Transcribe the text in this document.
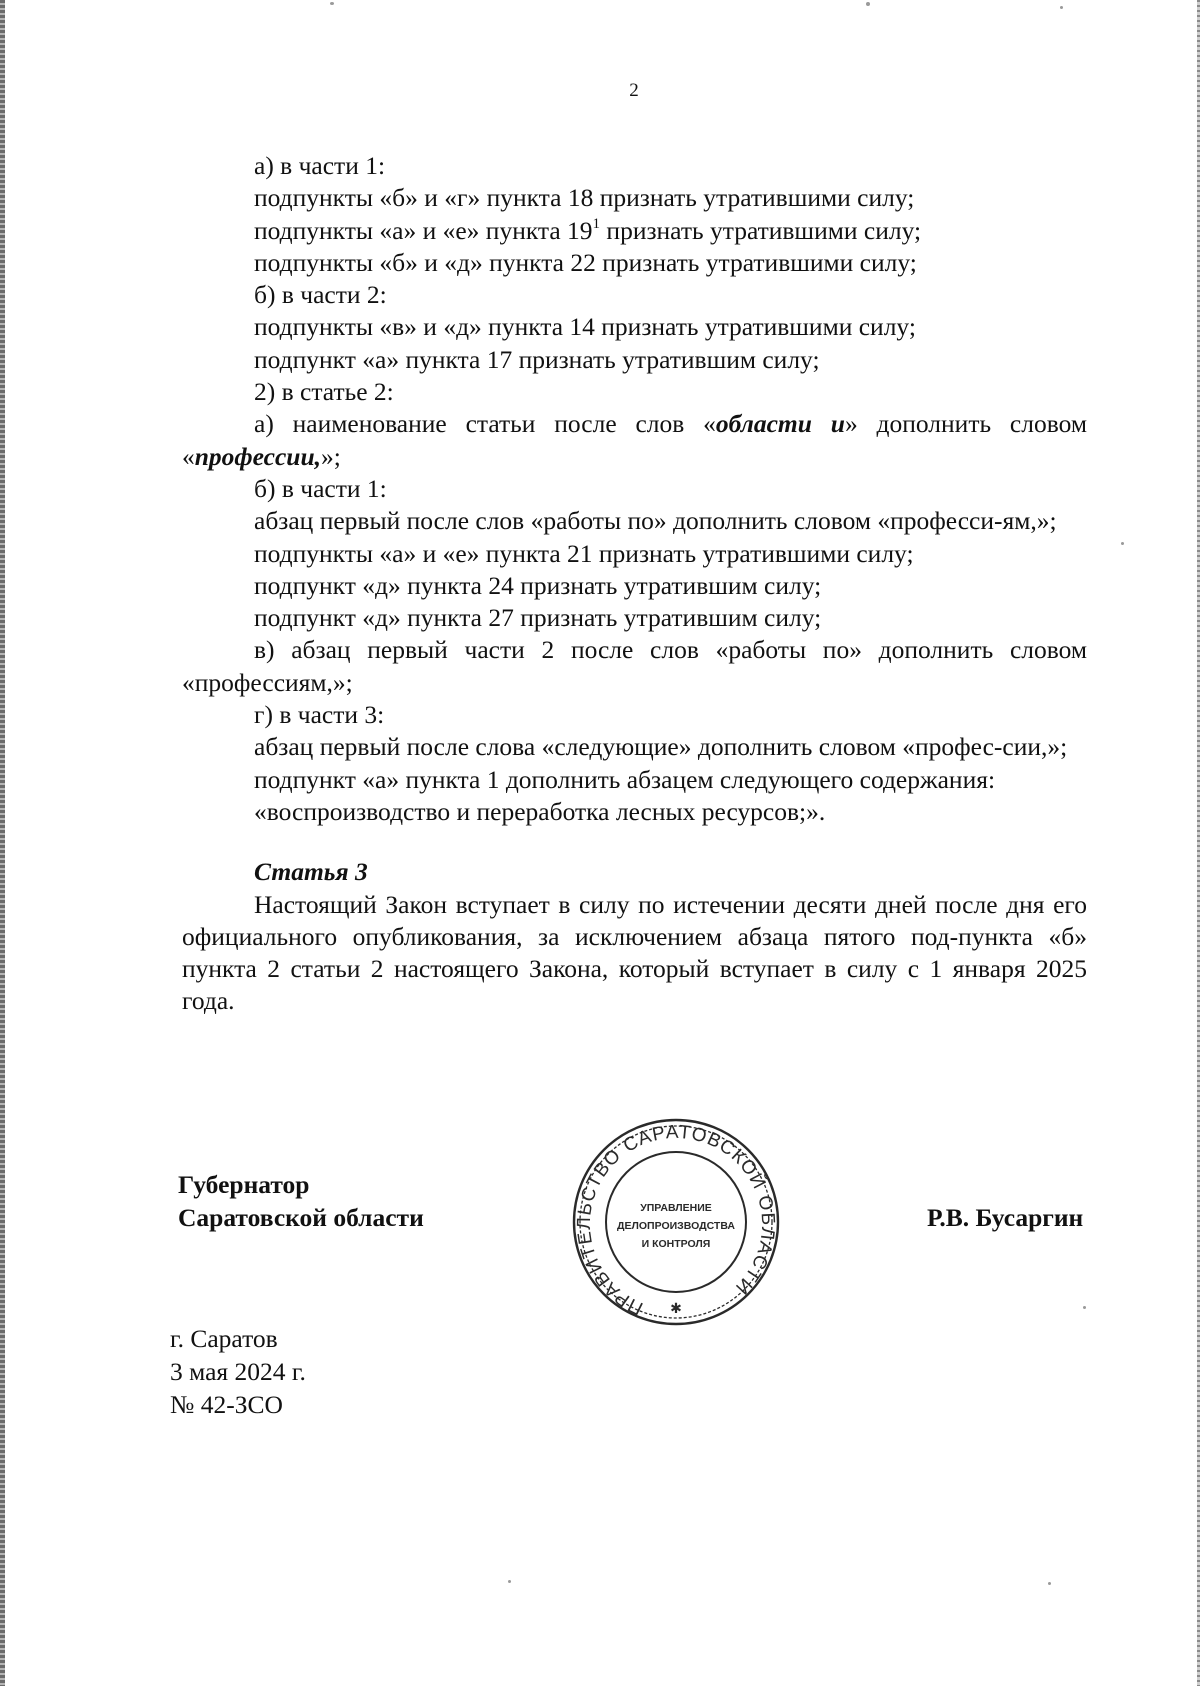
2

а) в части 1:

подпункты «б» и «г» пункта 18 признать утратившими силу;

подпункты «а» и «е» пункта $19^1$ признать утратившими силу;

подпункты «б» и «д» пункта 22 признать утратившими силу;

б) в части 2:

подпункты «в» и «д» пункта 14 признать утратившими силу;

подпункт «а» пункта 17 признать утратившим силу;

2) в статье 2:

а) наименование статьи после слов «области и» дополнить словом «профессии,»;

б) в части 1:

абзац первый после слов «работы по» дополнить словом «професси-ям,»;

подпункты «а» и «е» пункта 21 признать утратившими силу;

подпункт «д» пункта 24 признать утратившим силу;

подпункт «д» пункта 27 признать утратившим силу;

в) абзац первый части 2 после слов «работы по» дополнить словом «профессиям,»;

г) в части 3:

абзац первый после слова «следующие» дополнить словом «профес-сии,»;

подпункт «а» пункта 1 дополнить абзацем следующего содержания:

«воспроизводство и переработка лесных ресурсов;».

Статья 3

Настоящий Закон вступает в силу по истечении десяти дней после дня его официального опубликования, за исключением абзаца пятого под-пункта «б» пункта 2 статьи 2 настоящего Закона, который вступает в силу с 1 января 2025 года.

Губернатор
Саратовской области
ПРАВИТЕЛЬСТВО САРАТОВСКОЙ ОБЛАСТИ
✱
УПРАВЛЕНИЕ
ДЕЛОПРОИЗВОДСТВА
И КОНТРОЛЯ
Р.В. Бусаргин
г. Саратов
3 мая 2024 г.
№ 42-ЗСО
